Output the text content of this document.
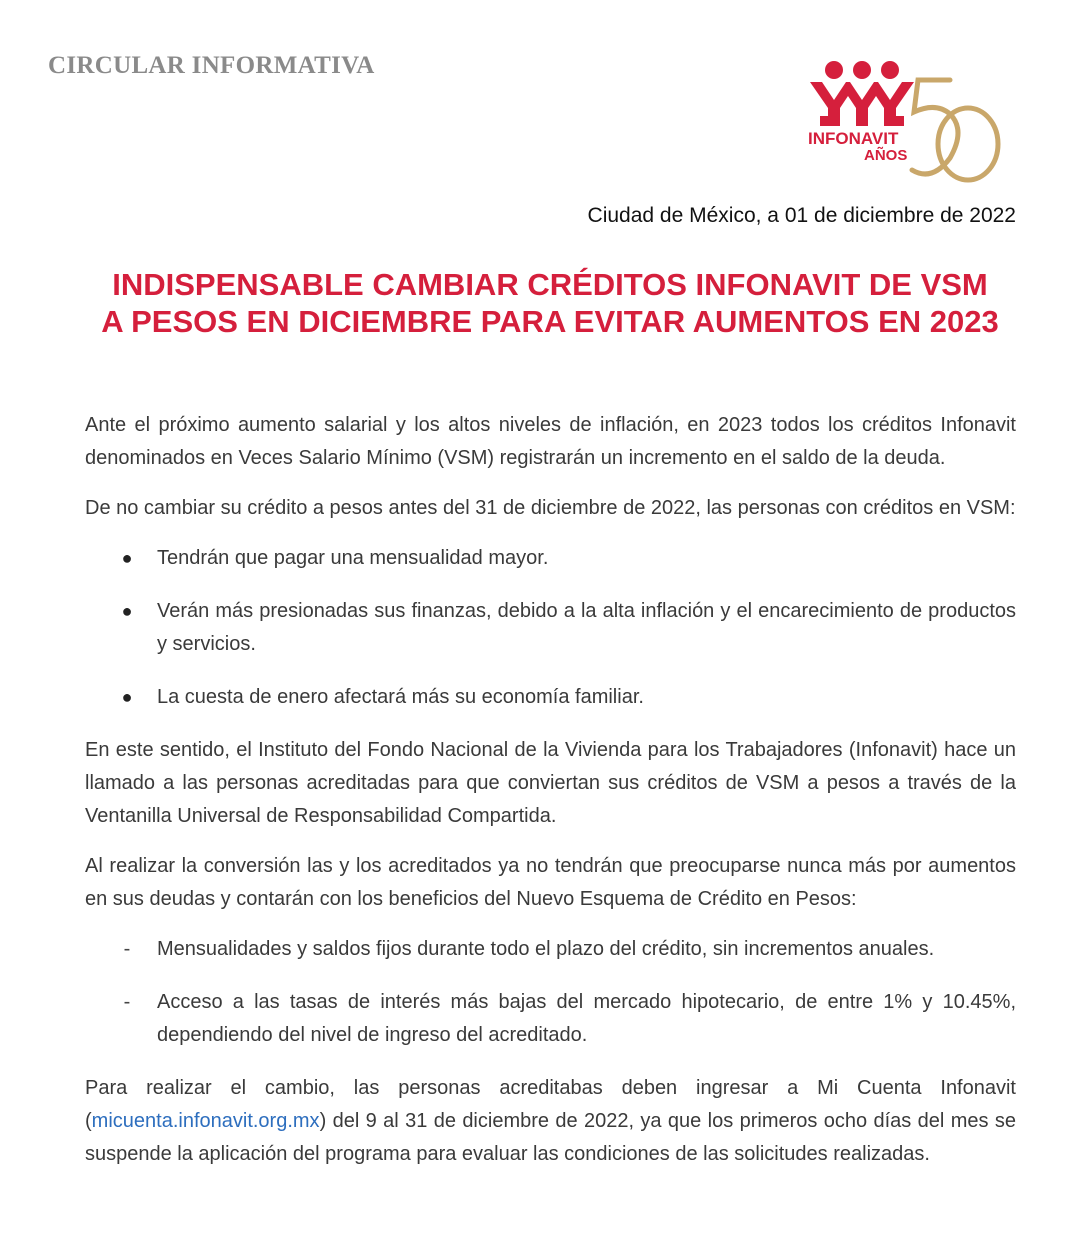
CIRCULAR INFORMATIVA
INFONAVIT
AÑOS
Ciudad de México, a 01 de diciembre de 2022
INDISPENSABLE CAMBIAR CRÉDITOS INFONAVIT DE VSM
A PESOS EN DICIEMBRE PARA EVITAR AUMENTOS EN 2023

Ante el próximo aumento salarial y los altos niveles de inflación, en 2023 todos los créditos Infonavit denominados en Veces Salario Mínimo (VSM) registrarán un incremento en el saldo de la deuda.

De no cambiar su crédito a pesos antes del 31 de diciembre de 2022, las personas con créditos en VSM:

● Tendrán que pagar una mensualidad mayor.
● Verán más presionadas sus finanzas, debido a la alta inflación y el encarecimiento de productos y servicios.
● La cuesta de enero afectará más su economía familiar.

En este sentido, el Instituto del Fondo Nacional de la Vivienda para los Trabajadores (Infonavit) hace un llamado a las personas acreditadas para que conviertan sus créditos de VSM a pesos a través de la Ventanilla Universal de Responsabilidad Compartida.

Al realizar la conversión las y los acreditados ya no tendrán que preocuparse nunca más por aumentos en sus deudas y contarán con los beneficios del Nuevo Esquema de Crédito en Pesos:

-	Mensualidades y saldos fijos durante todo el plazo del crédito, sin incrementos anuales.
-	Acceso a las tasas de interés más bajas del mercado hipotecario, de entre 1% y 10.45%, dependiendo del nivel de ingreso del acreditado.

Para realizar el cambio, las personas acreditabas deben ingresar a Mi Cuenta Infonavit (micuenta.infonavit.org.mx) del 9 al 31 de diciembre de 2022, ya que los primeros ocho días del mes se suspende la aplicación del programa para evaluar las condiciones de las solicitudes realizadas.
